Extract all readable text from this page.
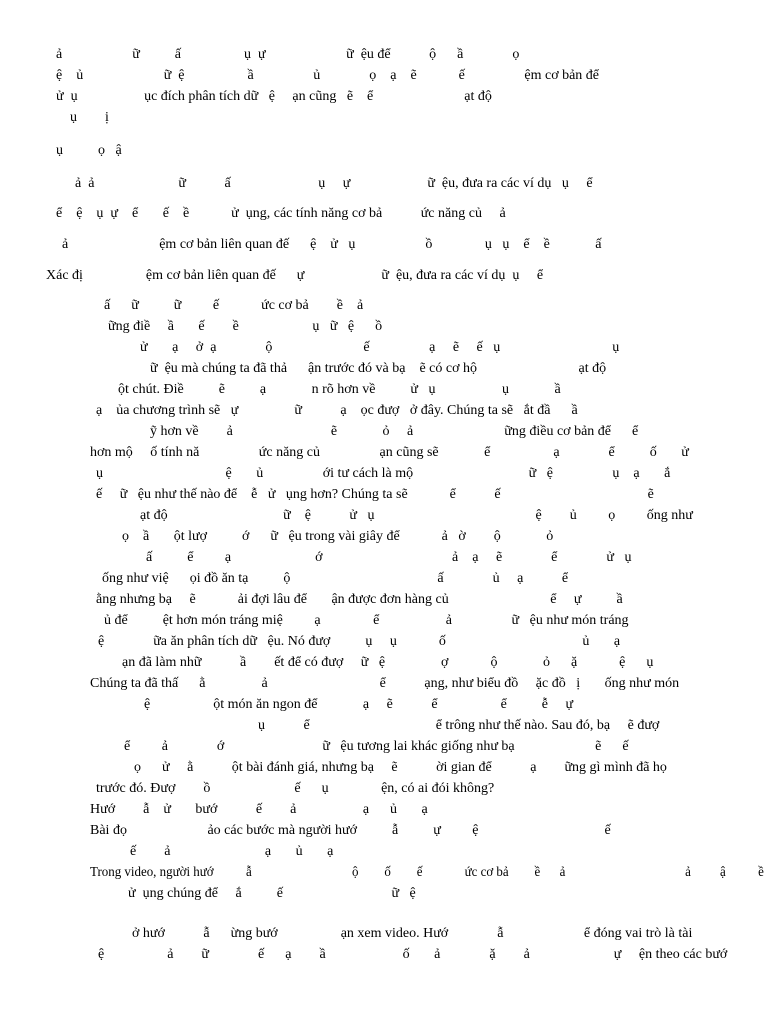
ả                    ữ          ấ                  ụ  ự                       ữ  ệu để           ộ      ầ              ọ
ệ    ủ                       ữ  ệ                  ầ                 ủ              ọ    ạ    ẽ            ế                 ệm cơ bản để
ử  ụ                   ục đích phân tích dữ   ệ     ạn cũng   ẽ    ể                          ạt độ
ụ        ị
ụ          ọ   ậ
ả  ả                        ữ           ấ                         ụ     ự                      ữ  ệu, đưa ra các ví dụ   ụ     ể
ể    ệ    ụ  ự    ể       ế    ề            ử  ụng, các tính năng cơ bả           ức năng củ     ả
ả                          ệm cơ bản liên quan đế      ệ    ử   ụ                    ồ               ụ   ụ    ể    ề             ấ
Xác đị                  ệm cơ bản liên quan đế      ự                      ữ  ệu, đưa ra các ví dụ  ụ     ể
ấ      ữ          ữ         ế            ức cơ bả        ề    ả
ững điề     ầ       ế        ề                     ụ   ữ   ệ      ồ
ử       ạ     ở  ạ              ộ                          ế                 ạ     ẽ     ế   ụ                                ụ
ữ  ệu mà chúng ta đã thả      ận trước đó và bạ    ẽ có cơ hộ                             ạt độ
ột chút. Điề          ẽ          ạ             n rõ hơn về          ử   ụ                   ụ             ầ
ạ    ủa chương trình sẽ   ự                ữ           ạ    ọc đượ   ở đây. Chúng ta sẽ   ắt đầ      ầ
ỹ hơn về        ả                            ẽ             ỏ     ả                          ững điều cơ bản để      ể
hơn mộ     ố tính nă                 ức năng củ                 ạn cũng sẽ             ể                  ạ              ể          ố       ử
ụ                                   ệ       ủ                 ới tư cách là mộ                                 ữ   ệ                 ụ    ạ       ắ
ế     ữ   ệu như thế nào để    ễ   ử   ụng hơn? Chúng ta sẽ            ể           ế                                          ẽ
ạt độ                                 ữ    ệ           ử   ụ                                              ệ        ủ         ọ         ống như
ọ    ầ       ột lượ          ớ      ữ   ệu trong vài giây để            ả   ờ        ộ             ỏ
ấ          ể         ạ                        ớ                                     ả    ạ     ẽ              ể              ử   ụ
ống như việ      ọi đồ ăn tạ          ộ                                          ấ              ủ     ạ           ể
ằng nhưng bạ     ẽ            ải đợi lâu để       ận được đơn hàng củ                             ể     ự          ầ
ủ để          ệt hơn món tráng miệ         ạ               ể                   ả                 ữ   ệu như món tráng
ệ              ữa ăn phân tích dữ   ệu. Nó đượ          ụ     ụ            ố                                       ủ       ạ
ạn đã làm nhữ           ầ        ết để có đượ     ữ   ệ                ợ            ộ             ỏ      ặ            ệ      ụ
Chúng ta đã thấ      ằ                ả                                ể           ạng, như biểu đồ     ặc đồ   ị       ống như món
ệ                  ột món ăn ngon để             ạ     ẽ           ể                  ể          ễ     ự
ụ           ể                                    ể trông như thế nào. Sau đó, bạ     ẽ đượ
ể         ả              ớ                            ữ   ệu tương lai khác giống như bạ                       ẽ      ế
ọ      ử     ằ           ột bài đánh giá, nhưng bạ     ẽ           ời gian để           ạ        ững gì mình đã họ
trước đó. Đượ        ồ                        ế      ụ               ện, có ai đói không?
Hướ        ẫ    ử       bướ           ế        ả                   ạ      ủ       ạ
Bài đọ                       ảo các bước mà người hướ          ẫ          ự         ệ                                    ế
ế        ả                           ạ       ủ       ạ
Trong video, người hướ          ẫ                               ộ        ố        ế             ức cơ bả        ề      ả                                     ả         ậ          ề
ử  ụng chúng để     ắ          ế                               ữ   ệ
ở hướ           ẫ      ừng bướ                  ạn xem video. Hướ              ẫ                       ể đóng vai trò là tài
ệ                  ả        ữ              ế      ạ        ầ                      ố       ả              ặ        ả                        ự     ện theo các bướ
